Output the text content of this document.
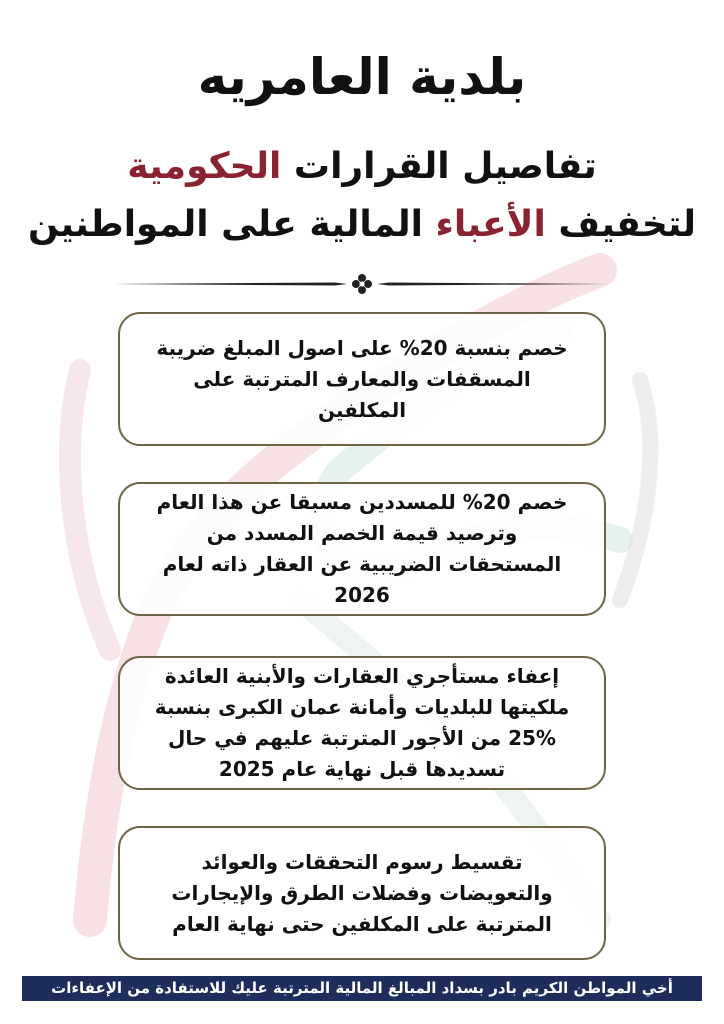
بلدية العامريه
تفاصيل القرارات الحكومية
لتخفيف الأعباء المالية على المواطنين
خصم بنسبة 20% على اصول المبلغ ضريبة
المسقفات والمعارف المترتبة على
المكلفين
خصم 20% للمسددين مسبقا عن هذا العام
وترصيد قيمة الخصم المسدد من
المستحقات الضريبية عن العقار ذاته لعام
2026
إعفاء مستأجري العقارات والأبنية العائدة
ملكيتها للبلديات وأمانة عمان الكبرى بنسبة
25% من الأجور المترتبة عليهم في حال
تسديدها قبل نهاية عام 2025
تقسيط رسوم التحققات والعوائد
والتعويضات وفضلات الطرق والإيجارات
المترتبة على المكلفين حتى نهاية العام
أخي المواطن الكريم بادر بسداد المبالغ المالية المترتبة عليك للاستفادة من الإعفاءات
